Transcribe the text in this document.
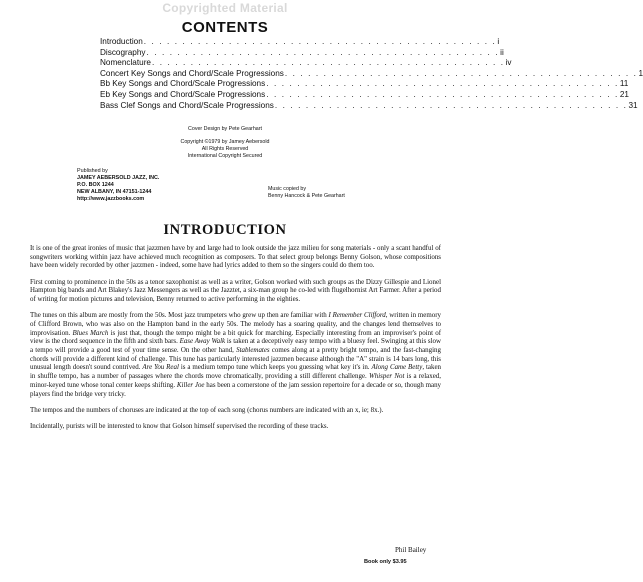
Copyrighted Material
CONTENTS
Introduction . . . . . . . . . . . . . . . . . . . . . . . . . . . . . . . . . . . . . . . . . . . . . . i
Discography . . . . . . . . . . . . . . . . . . . . . . . . . . . . . . . . . . . . . . . . . . . . . . ii
Nomenclature . . . . . . . . . . . . . . . . . . . . . . . . . . . . . . . . . . . . . . . . . . . . . . iv
Concert Key Songs and Chord/Scale Progressions . . . . . . . . . . . . . . . . . . . . . . . . . . . . . . . . . . . . . . . . . . . . . . 1
Bb Key Songs and Chord/Scale Progressions . . . . . . . . . . . . . . . . . . . . . . . . . . . . . . . . . . . . . . . . . . . . . . 11
Eb Key Songs and Chord/Scale Progressions . . . . . . . . . . . . . . . . . . . . . . . . . . . . . . . . . . . . . . . . . . . . . . 21
Bass Clef Songs and Chord/Scale Progressions . . . . . . . . . . . . . . . . . . . . . . . . . . . . . . . . . . . . . . . . . . . . . . 31
Cover Design by Pete Gearhart
Copyright ©1979 by Jamey Aebersold
All Rights Reserved
International Copyright Secured
Published by
JAMEY AEBERSOLD JAZZ, INC.
P.O. BOX 1244
NEW ALBANY, IN 47151-1244
http://www.jazzbooks.com
Music copied by
Benny Hancock & Pete Gearhart
INTRODUCTION

It is one of the great ironies of music that jazzmen have by and large had to look outside the jazz milieu for song materials - only a scant handful of songwriters working within jazz have achieved much recognition as composers. To that select group belongs Benny Golson, whose compositions have been widely recorded by other jazzmen - indeed, some have had lyrics added to them so the singers could do them too.

First coming to prominence in the 50s as a tenor saxophonist as well as a writer, Golson worked with such groups as the Dizzy Gillespie and Lionel Hampton big bands and Art Blakey's Jazz Messengers as well as the Jazztet, a six-man group he co-led with flugelhornist Art Farmer. After a period of writing for motion pictures and television, Benny returned to active performing in the eighties.

The tunes on this album are mostly from the 50s. Most jazz trumpeters who grew up then are familiar with I Remember Clifford, written in memory of Clifford Brown, who was also on the Hampton band in the early 50s. The melody has a soaring quality, and the changes lend themselves to improvisation. Blues March is just that, though the tempo might be a bit quick for marching. Especially interesting from an improviser's point of view is the chord sequence in the fifth and sixth bars. Ease Away Walk is taken at a deceptively easy tempo with a bluesy feel. Swinging at this slow a tempo will provide a good test of your time sense. On the other hand, Stablemates comes along at a pretty bright tempo, and the fast-changing chords will provide a different kind of challenge. This tune has particularly interested jazzmen because although the "A" strain is 14 bars long, this unusual length doesn't sound contrived. Are You Real is a medium tempo tune which keeps you guessing what key it's in. Along Came Betty, taken in shuffle tempo, has a number of passages where the chords move chromatically, providing a still different challenge. Whisper Not is a relaxed, minor-keyed tune whose tonal center keeps shifting. Killer Joe has been a cornerstone of the jam session repertoire for a decade or so, though many players find the bridge very tricky.

The tempos and the numbers of choruses are indicated at the top of each song (chorus numbers are indicated with an x, ie; 8x.).

Incidentally, purists will be interested to know that Golson himself supervised the recording of these tracks.

Phil Bailey
Book only $3.95
